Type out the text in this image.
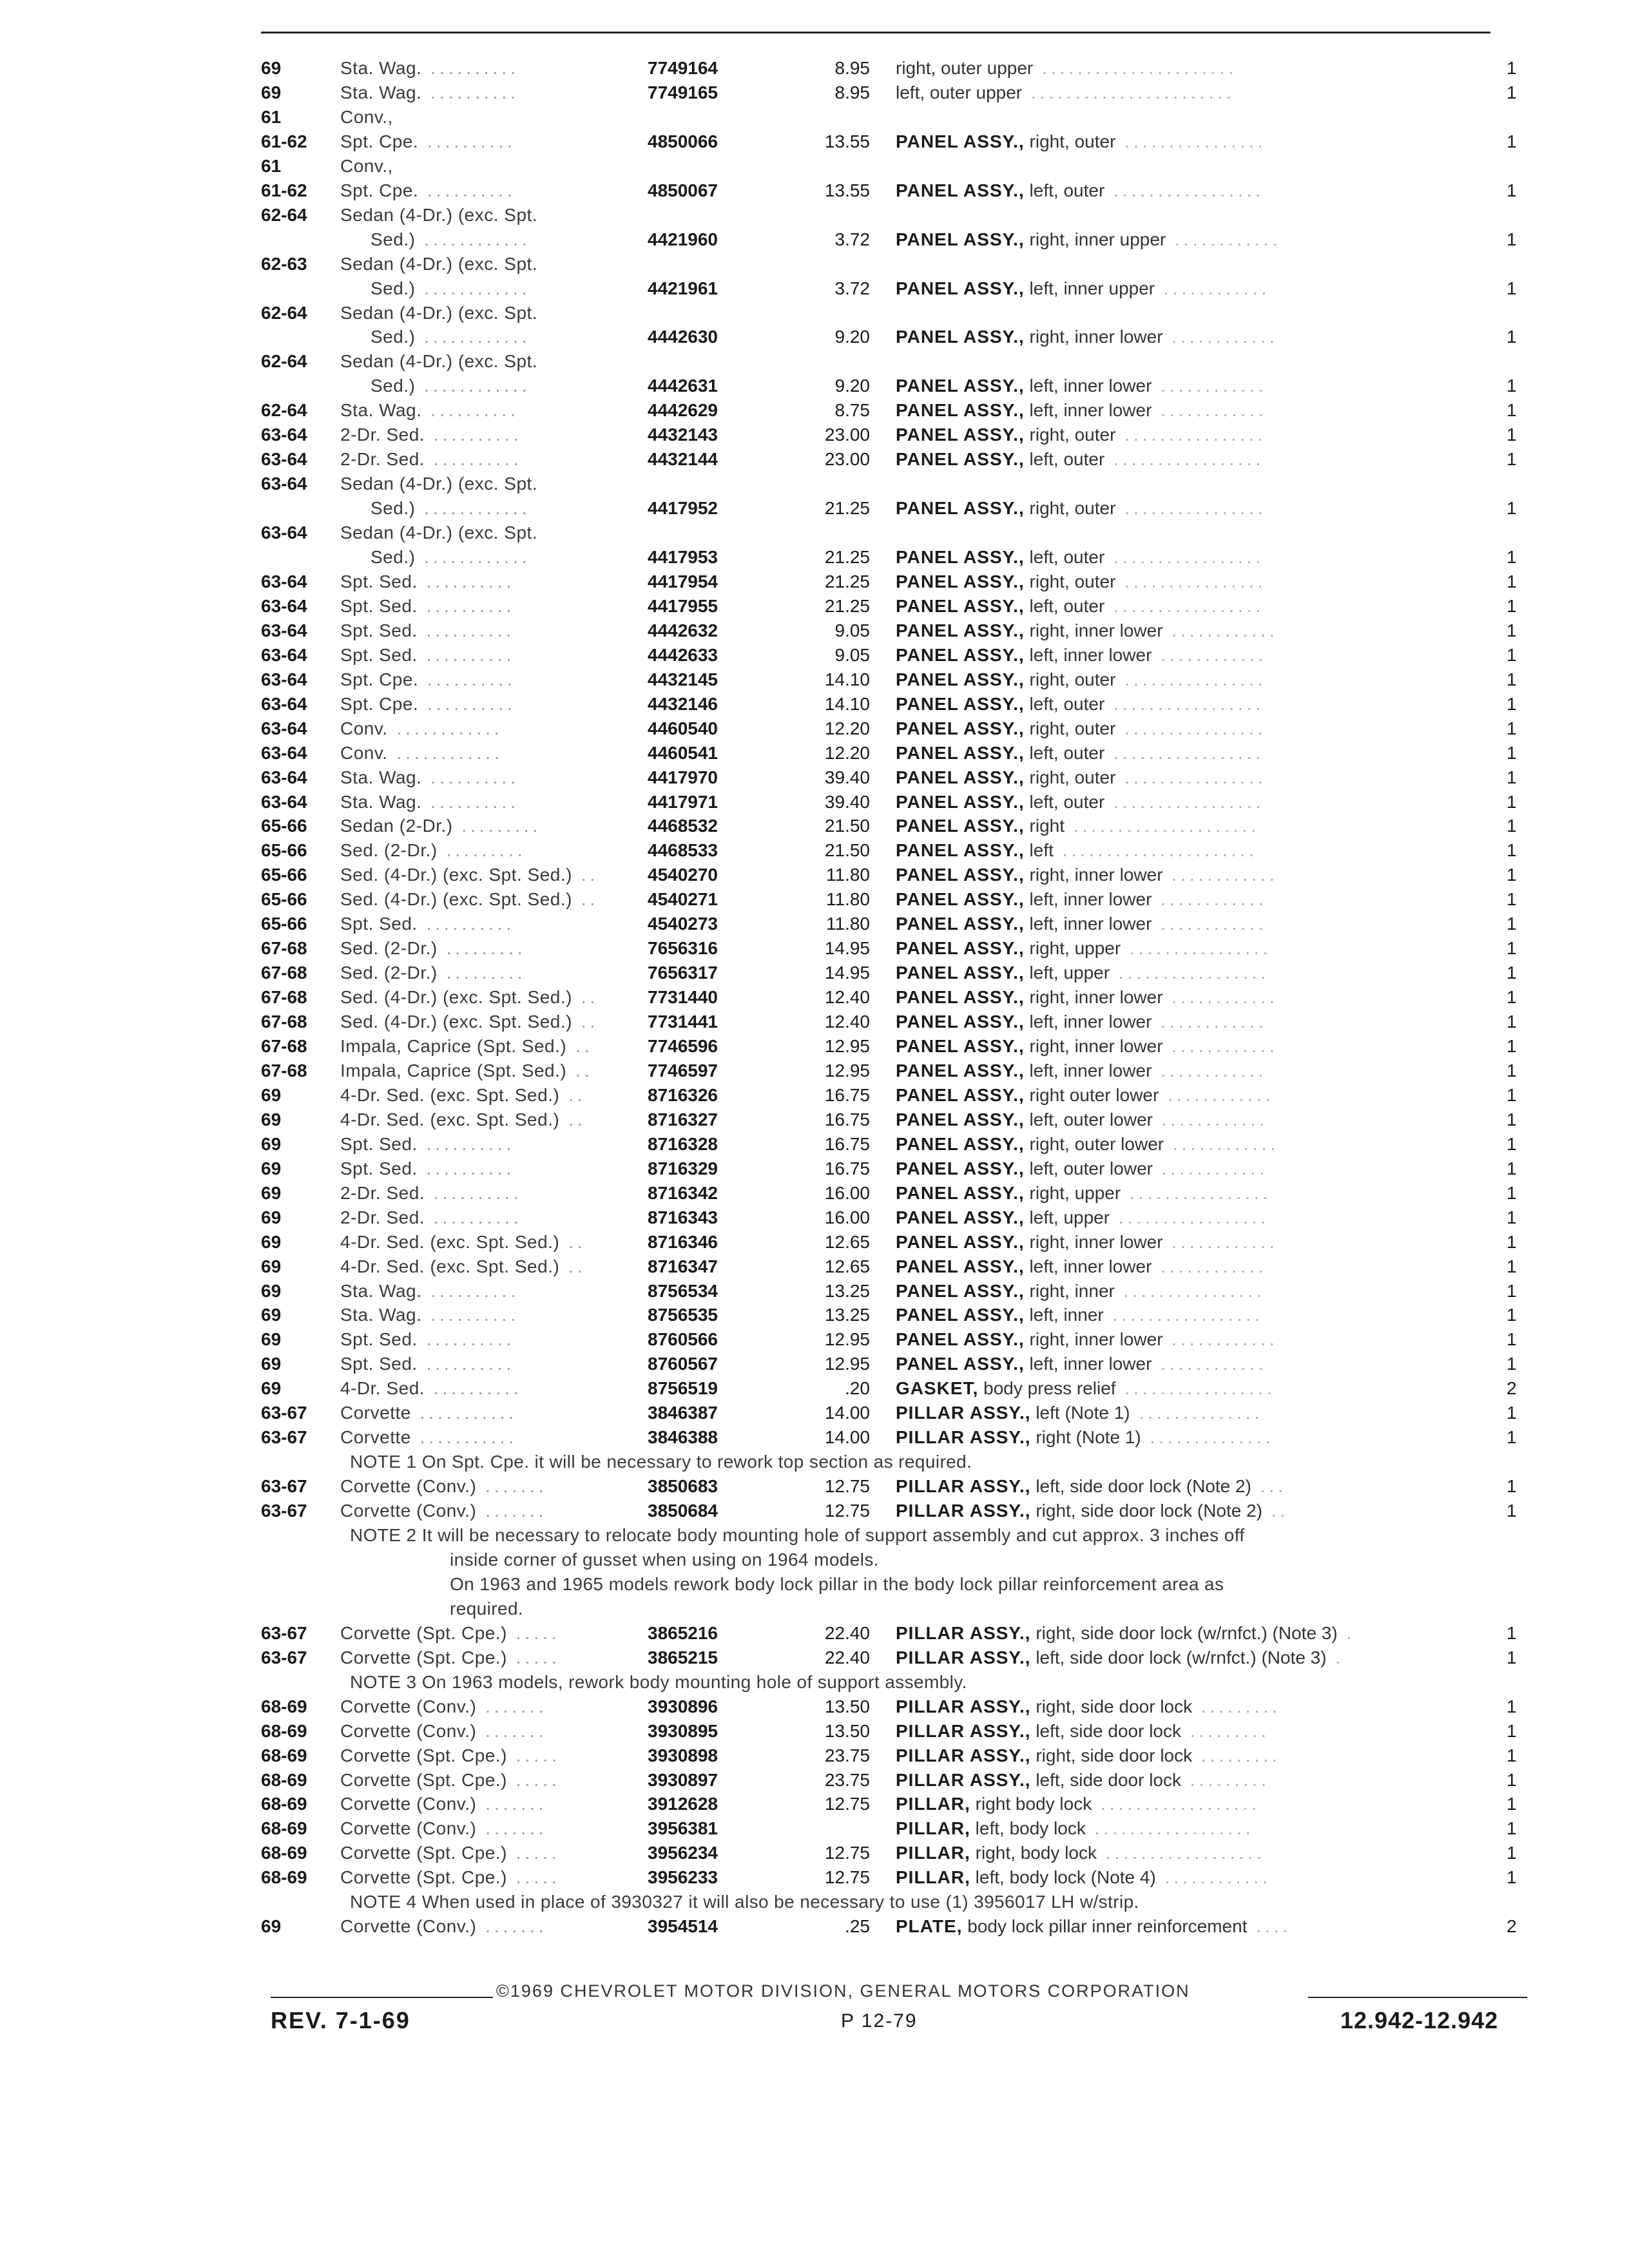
69	Sta. Wag. ..........	7749164	8.95 right, outer upper ......................	1
69	Sta. Wag. ..........	7749165	8.95 left, outer upper .......................	1
61	Conv.,
61-62 Spt. Cpe. ..........	4850066	13.55 PANEL ASSY., right, outer ................	1
61	Conv.,
61-62 Spt. Cpe. ..........	4850067	13.55 PANEL ASSY., left, outer .................	1
62-64 Sedan (4-Dr.) (exc. Spt.
Sed.) ............	4421960	3.72 PANEL ASSY., right, inner upper ............	1
62-63 Sedan (4-Dr.) (exc. Spt.
Sed.) ............	4421961	3.72 PANEL ASSY., left, inner upper ............	1
62-64 Sedan (4-Dr.) (exc. Spt.
Sed.) ............	4442630	9.20 PANEL ASSY., right, inner lower ............	1
62-64 Sedan (4-Dr.) (exc. Spt.
Sed.) ............	4442631	9.20 PANEL ASSY., left, inner lower ............	1
62-64 Sta. Wag. ..........	4442629	8.75 PANEL ASSY., left, inner lower ............	1
63-64 2-Dr. Sed. ..........	4432143	23.00 PANEL ASSY., right, outer ................	1
63-64 2-Dr. Sed. ..........	4432144	23.00 PANEL ASSY., left, outer .................	1
63-64 Sedan (4-Dr.) (exc. Spt.
Sed.) ............	4417952	21.25 PANEL ASSY., right, outer ................	1
63-64 Sedan (4-Dr.) (exc. Spt.
Sed.) ............	4417953	21.25 PANEL ASSY., left, outer .................	1
63-64 Spt. Sed. ..........	4417954	21.25 PANEL ASSY., right, outer ................	1
63-64 Spt. Sed. ..........	4417955	21.25 PANEL ASSY., left, outer .................	1
63-64 Spt. Sed. ..........	4442632	9.05 PANEL ASSY., right, inner lower ............	1
63-64 Spt. Sed. ..........	4442633	9.05 PANEL ASSY., left, inner lower ............	1
63-64 Spt. Cpe. ..........	4432145	14.10 PANEL ASSY., right, outer ................	1
63-64 Spt. Cpe. ..........	4432146	14.10 PANEL ASSY., left, outer .................	1
63-64 Conv. ............	4460540	12.20 PANEL ASSY., right, outer ................	1
63-64 Conv. ............	4460541	12.20 PANEL ASSY., left, outer .................	1
63-64 Sta. Wag. ..........	4417970	39.40 PANEL ASSY., right, outer ................	1
63-64 Sta. Wag. ..........	4417971	39.40 PANEL ASSY., left, outer .................	1
65-66 Sedan (2-Dr.) .........	4468532	21.50 PANEL ASSY., right .....................	1
65-66 Sed. (2-Dr.) .........	4468533	21.50 PANEL ASSY., left ......................	1
65-66 Sed. (4-Dr.) (exc. Spt. Sed.) ..	4540270	11.80 PANEL ASSY., right, inner lower ............	1
65-66 Sed. (4-Dr.) (exc. Spt. Sed.) ..	4540271	11.80 PANEL ASSY., left, inner lower ............	1
65-66 Spt. Sed. ..........	4540273	11.80 PANEL ASSY., left, inner lower ............	1
67-68 Sed. (2-Dr.) .........	7656316	14.95 PANEL ASSY., right, upper ................	1
67-68 Sed. (2-Dr.) .........	7656317	14.95 PANEL ASSY., left, upper .................	1
67-68 Sed. (4-Dr.) (exc. Spt. Sed.) ..	7731440	12.40 PANEL ASSY., right, inner lower ............	1
67-68 Sed. (4-Dr.) (exc. Spt. Sed.) ..	7731441	12.40 PANEL ASSY., left, inner lower ............	1
67-68 Impala, Caprice (Spt. Sed.) ..	7746596	12.95 PANEL ASSY., right, inner lower ............	1
67-68 Impala, Caprice (Spt. Sed.) ..	7746597	12.95 PANEL ASSY., left, inner lower ............	1
69	4-Dr. Sed. (exc. Spt. Sed.) ..	8716326	16.75 PANEL ASSY., right outer lower ............	1
69	4-Dr. Sed. (exc. Spt. Sed.) ..	8716327	16.75 PANEL ASSY., left, outer lower ............	1
69	Spt. Sed. ..........	8716328	16.75 PANEL ASSY., right, outer lower ............	1
69	Spt. Sed. ..........	8716329	16.75 PANEL ASSY., left, outer lower ............	1
69	2-Dr. Sed. ..........	8716342	16.00 PANEL ASSY., right, upper ................	1
69	2-Dr. Sed. ..........	8716343	16.00 PANEL ASSY., left, upper .................	1
69	4-Dr. Sed. (exc. Spt. Sed.) ..	8716346	12.65 PANEL ASSY., right, inner lower ............	1
69	4-Dr. Sed. (exc. Spt. Sed.) ..	8716347	12.65 PANEL ASSY., left, inner lower ............	1
69	Sta. Wag. ..........	8756534	13.25 PANEL ASSY., right, inner ................	1
69	Sta. Wag. ..........	8756535	13.25 PANEL ASSY., left, inner .................	1
69	Spt. Sed. ..........	8760566	12.95 PANEL ASSY., right, inner lower ............	1
69	Spt. Sed. ..........	8760567	12.95 PANEL ASSY., left, inner lower ............	1
69	4-Dr. Sed. ..........	8756519	.20 GASKET, body press relief .................	2
63-67 Corvette ...........	3846387	14.00 PILLAR ASSY., left (Note 1) ..............	1
63-67 Corvette ...........	3846388	14.00 PILLAR ASSY., right (Note 1) ..............	1
NOTE 1 On Spt. Cpe. it will be necessary to rework top section as required.
63-67 Corvette (Conv.) .......	3850683	12.75 PILLAR ASSY., left, side door lock (Note 2) ...	1
63-67 Corvette (Conv.) .......	3850684	12.75 PILLAR ASSY., right, side door lock (Note 2) ..	1
NOTE 2 It will be necessary to relocate body mounting hole of support assembly and cut approx. 3 inches off
inside corner of gusset when using on 1964 models.
On 1963 and 1965 models rework body lock pillar in the body lock pillar reinforcement area as
required.
63-67 Corvette (Spt. Cpe.) .....	3865216	22.40 PILLAR ASSY., right, side door lock (w/rnfct.) (Note 3) .	1
63-67 Corvette (Spt. Cpe.) .....	3865215	22.40 PILLAR ASSY., left, side door lock (w/rnfct.) (Note 3) .	1
NOTE 3 On 1963 models, rework body mounting hole of support assembly.
68-69 Corvette (Conv.) .......	3930896	13.50 PILLAR ASSY., right, side door lock .........	1
68-69 Corvette (Conv.) .......	3930895	13.50 PILLAR ASSY., left, side door lock .........	1
68-69 Corvette (Spt. Cpe.) .....	3930898	23.75 PILLAR ASSY., right, side door lock .........	1
68-69 Corvette (Spt. Cpe.) .....	3930897	23.75 PILLAR ASSY., left, side door lock .........	1
68-69 Corvette (Conv.) .......	3912628	12.75 PILLAR, right body lock ..................	1
68-69 Corvette (Conv.) .......	3956381	PILLAR, left, body lock ..................	1
68-69 Corvette (Spt. Cpe.) .....	3956234	12.75 PILLAR, right, body lock ..................	1
68-69 Corvette (Spt. Cpe.) .....	3956233	12.75 PILLAR, left, body lock (Note 4) ............	1
NOTE 4 When used in place of 3930327 it will also be necessary to use (1) 3956017 LH w/strip.
69	Corvette (Conv.) .......	3954514	.25 PLATE, body lock pillar inner reinforcement ....	2
©1969 CHEVROLET MOTOR DIVISION, GENERAL MOTORS CORPORATION
REV. 7-1-69	P 12-79	12.942-12.942
